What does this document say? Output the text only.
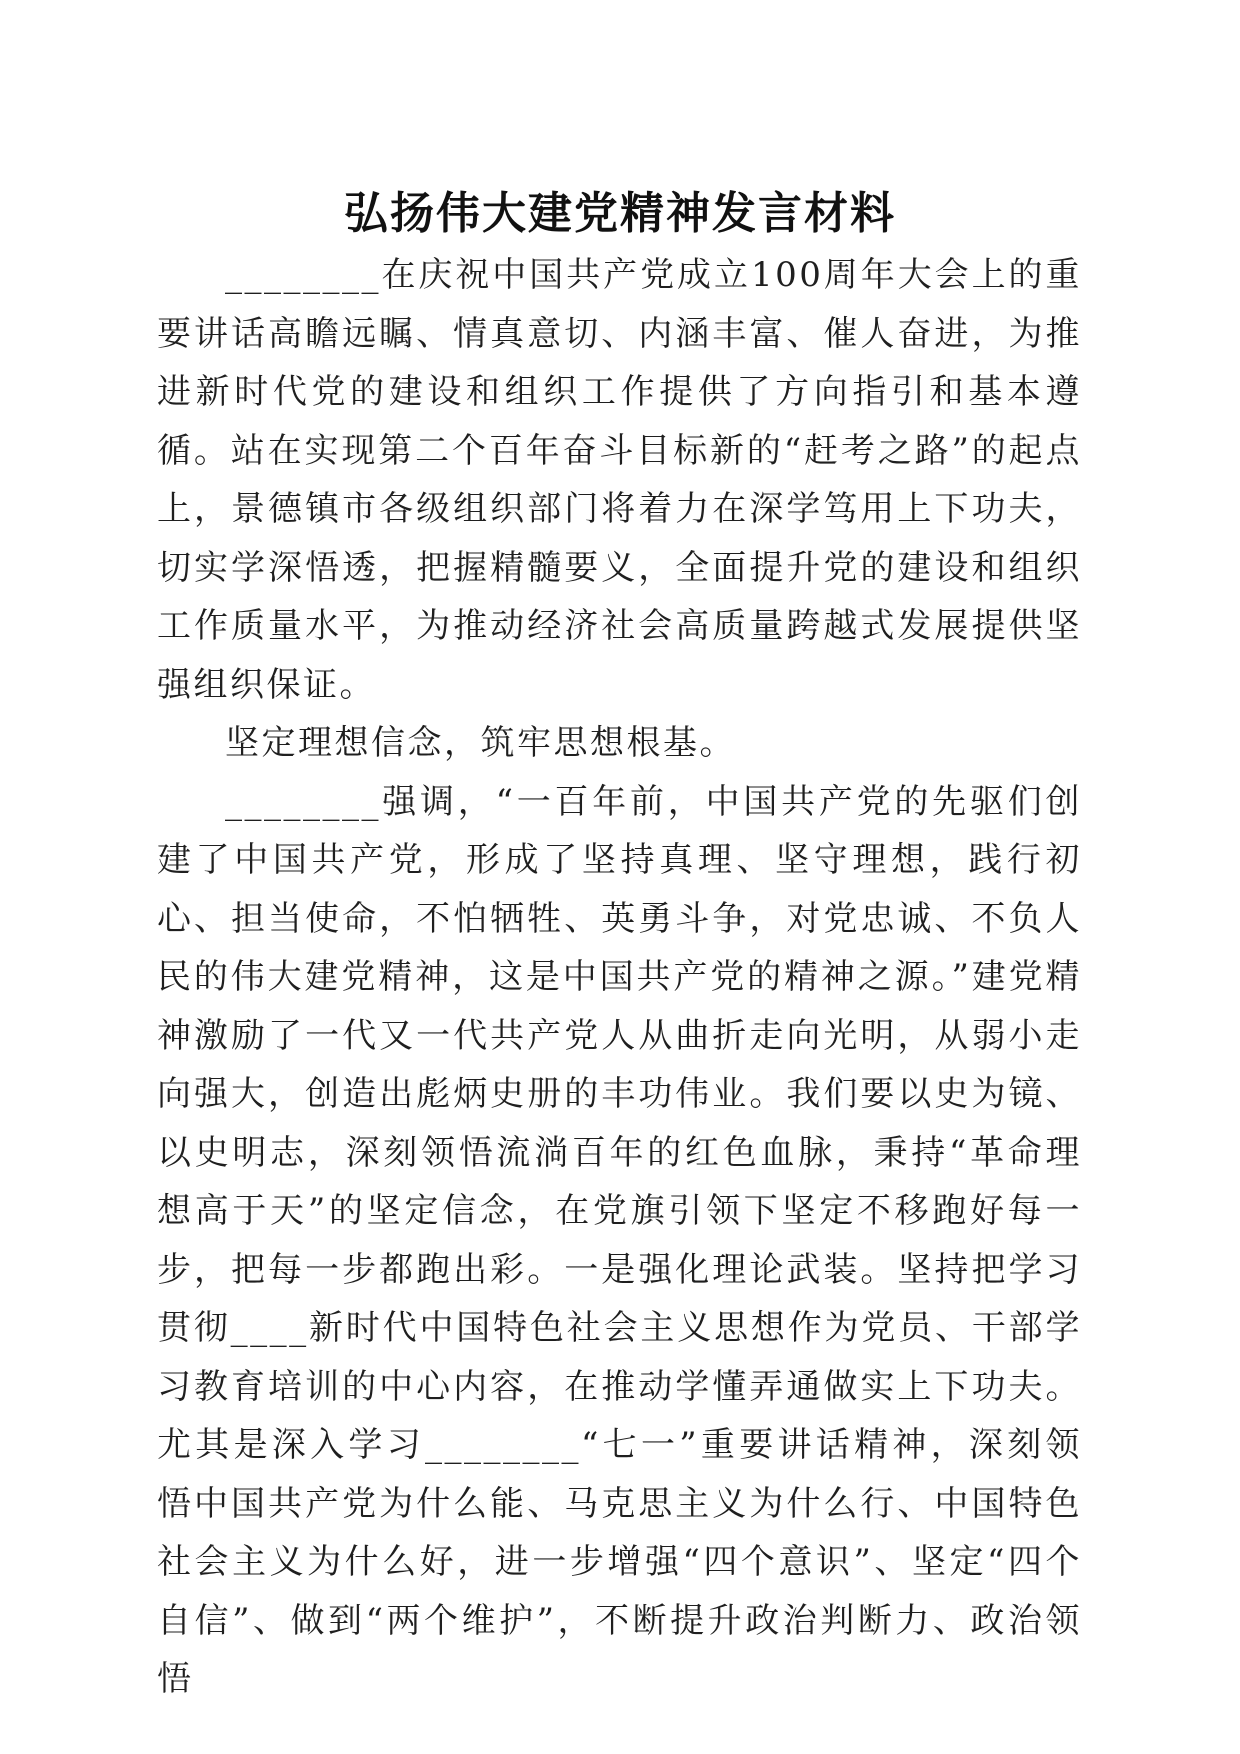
弘扬伟大建党精神发言材料

________在庆祝中国共产党成立100周年大会上的重要讲话高瞻远瞩、情真意切、内涵丰富、催人奋进，为推进新时代党的建设和组织工作提供了方向指引和基本遵循。站在实现第二个百年奋斗目标新的“赶考之路”的起点上，景德镇市各级组织部门将着力在深学笃用上下功夫，切实学深悟透，把握精髓要义，全面提升党的建设和组织工作质量水平，为推动经济社会高质量跨越式发展提供坚强组织保证。

坚定理想信念，筑牢思想根基。

________强调，“一百年前，中国共产党的先驱们创建了中国共产党，形成了坚持真理、坚守理想，践行初心、担当使命，不怕牺牲、英勇斗争，对党忠诚、不负人民的伟大建党精神，这是中国共产党的精神之源。”建党精神激励了一代又一代共产党人从曲折走向光明，从弱小走向强大，创造出彪炳史册的丰功伟业。我们要以史为镜、以史明志，深刻领悟流淌百年的红色血脉，秉持“革命理想高于天”的坚定信念，在党旗引领下坚定不移跑好每一步，把每一步都跑出彩。一是强化理论武装。坚持把学习贯彻____新时代中国特色社会主义思想作为党员、干部学习教育培训的中心内容，在推动学懂弄通做实上下功夫。尤其是深入学习________“七一”重要讲话精神，深刻领悟中国共产党为什么能、马克思主义为什么行、中国特色社会主义为什么好，进一步增强“四个意识”、坚定“四个自信”、做到“两个维护”，不断提升政治判断力、政治领悟
